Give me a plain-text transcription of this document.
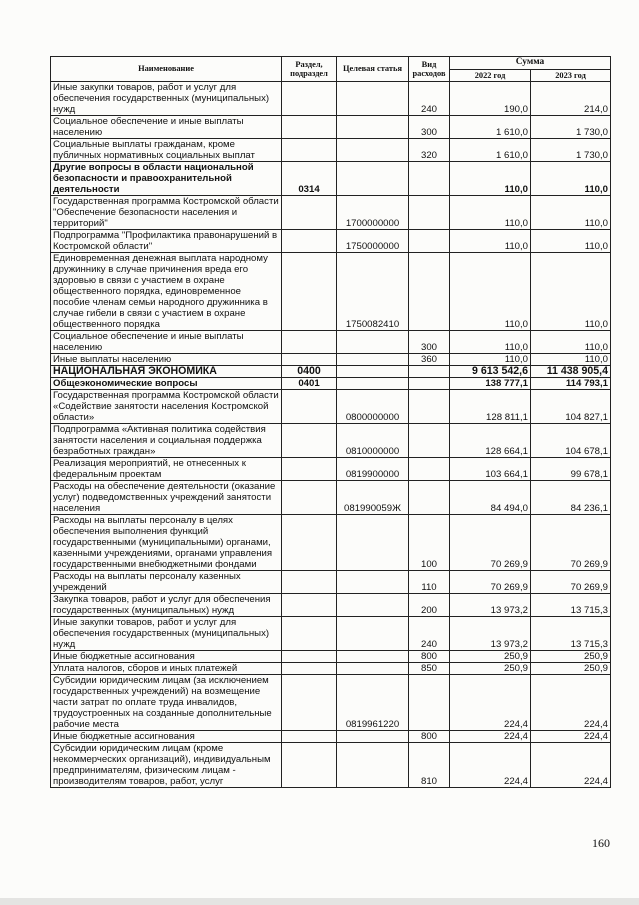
Наименование	Раздел, подраздел	Целевая статья	Вид расходов	Сумма	
				2022 год	2023 год
Иные закупки товаров, работ и услуг для обеспечения государственных (муниципальных) нужд			240	190,0	214,0
Социальное обеспечение и иные выплаты населению			300	1 610,0	1 730,0
Социальные выплаты гражданам, кроме публичных нормативных социальных выплат			320	1 610,0	1 730,0
Другие вопросы в области национальной безопасности и правоохранительной деятельности	0314			110,0	110,0
Государственная программа Костромской области "Обеспечение безопасности населения и территорий"		1700000000		110,0	110,0
Подпрограмма "Профилактика правонарушений в Костромской области"		1750000000		110,0	110,0
Единовременная денежная выплата народному дружиннику в случае причинения вреда его здоровью в связи с участием в охране общественного порядка, единовременное пособие членам семьи народного дружинника в случае гибели в связи с участием в охране общественного порядка		1750082410		110,0	110,0
Социальное обеспечение и иные выплаты населению			300	110,0	110,0
Иные выплаты населению			360	110,0	110,0
НАЦИОНАЛЬНАЯ ЭКОНОМИКА	0400			9 613 542,6	11 438 905,4
Общеэкономические вопросы	0401			138 777,1	114 793,1
Государственная программа Костромской области «Содействие занятости населения Костромской области»		0800000000		128 811,1	104 827,1
Подпрограмма «Активная политика содействия занятости населения и социальная поддержка безработных граждан»		0810000000		128 664,1	104 678,1
Реализация мероприятий, не отнесенных к федеральным проектам		0819900000		103 664,1	99 678,1
Расходы на обеспечение деятельности (оказание услуг) подведомственных учреждений занятости населения		081990059Ж		84 494,0	84 236,1
Расходы на выплаты персоналу в целях обеспечения выполнения функций государственными (муниципальными) органами, казенными учреждениями, органами управления государственными внебюджетными фондами			100	70 269,9	70 269,9
Расходы на выплаты персоналу казенных учреждений			110	70 269,9	70 269,9
Закупка товаров, работ и услуг для обеспечения государственных (муниципальных) нужд			200	13 973,2	13 715,3
Иные закупки товаров, работ и услуг для обеспечения государственных (муниципальных) нужд			240	13 973,2	13 715,3
Иные бюджетные ассигнования			800	250,9	250,9
Уплата налогов, сборов и иных платежей			850	250,9	250,9
Субсидии юридическим лицам (за исключением государственных учреждений) на возмещение части затрат по оплате труда инвалидов, трудоустроенных на созданные дополнительные рабочие места		0819961220		224,4	224,4
Иные бюджетные ассигнования			800	224,4	224,4
Субсидии юридическим лицам (кроме некоммерческих организаций), индивидуальным предпринимателям, физическим лицам - производителям товаров, работ, услуг			810	224,4	224,4
160
